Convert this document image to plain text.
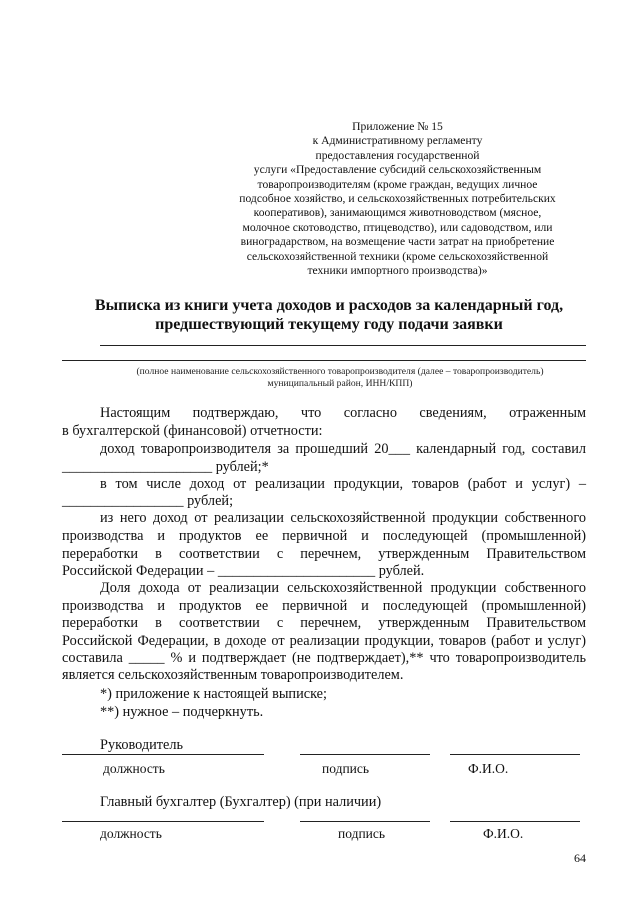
Приложение № 15
к Административному регламенту
предоставления государственной
услуги «Предоставление субсидий сельскохозяйственным
товаропроизводителям (кроме граждан, ведущих личное
подсобное хозяйство, и сельскохозяйственных потребительских
кооперативов), занимающимся животноводством (мясное,
молочное скотоводство, птицеводство), или садоводством, или
виноградарством, на возмещение части затрат на приобретение
сельскохозяйственной техники (кроме сельскохозяйственной
техники импортного производства)»
Выписка из книги учета доходов и расходов за календарный год,
предшествующий текущему году подачи заявки
(полное наименование сельскохозяйственного товаропроизводителя (далее – товаропроизводитель)
муниципальный район, ИНН/КПП)
Настоящим подтверждаю, что согласно сведениям, отраженным
в бухгалтерской (финансовой) отчетности:
доход товаропроизводителя за прошедший 20___ календарный год, составил
_____________________ рублей;*
в том числе доход от реализации продукции, товаров (работ и услуг) –
_________________ рублей;
из него доход от реализации сельскохозяйственной продукции собственного
производства и продуктов ее первичной и последующей (промышленной)
переработки в соответствии с перечнем, утвержденным Правительством
Российской Федерации – ______________________ рублей.
Доля дохода от реализации сельскохозяйственной продукции собственного
производства и продуктов ее первичной и последующей (промышленной)
переработки в соответствии с перечнем, утвержденным Правительством
Российской Федерации, в доходе от реализации продукции, товаров (работ и услуг)
составила _____ % и подтверждает (не подтверждает),** что товаропроизводитель
является сельскохозяйственным товаропроизводителем.
*) приложение к настоящей выписке;
**) нужное – подчеркнуть.
Руководитель
должность	подпись	Ф.И.О.
Главный бухгалтер (Бухгалтер) (при наличии)
должность	подпись	Ф.И.О.
64
